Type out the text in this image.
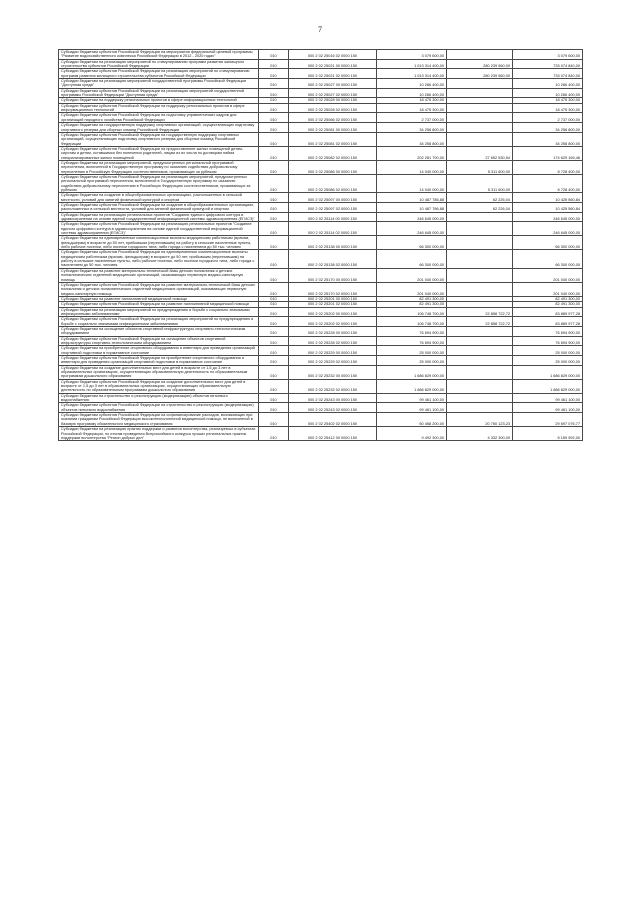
7
Субсидии бюджетам субъектов Российской Федерации на мероприятия федеральной целевой программы "Развитие водохозяйственного комплекса Российской Федерации в 2012 - 2020 годах"	010	000 2 02 25016 02 0000 150	3 079 600,00		3 079 600,00
Субсидии бюджетам на реализацию мероприятий по стимулированию программ развития жилищного строительства субъектов Российской Федерации	010	000 2 02 25021 00 0000 150	1 013 314 400,00	280 239 560,00	733 074 840,00
Субсидии бюджетам субъектов Российской Федерации на реализацию мероприятий по стимулированию программ развития жилищного строительства субъектов Российской Федерации	010	000 2 02 25021 02 0000 150	1 013 314 400,00	280 239 560,00	733 074 840,00
Субсидии бюджетам на реализацию мероприятий государственной программы Российской Федерации "Доступная среда"	010	000 2 02 25027 00 0000 150	10 266 400,00		10 266 400,00
Субсидии бюджетам субъектов Российской Федерации на реализацию мероприятий государственной программы Российской Федерации "Доступная среда"	010	000 2 02 25027 02 0000 150	10 266 400,00		10 266 400,00
Субсидии бюджетам на поддержку региональных проектов в сфере информационных технологий	010	000 2 02 25028 00 0000 150	18 475 300,00		18 475 300,00
Субсидии бюджетам субъектов Российской Федерации на поддержку региональных проектов в сфере информационных технологий	010	000 2 02 25028 02 0000 150	18 475 300,00		18 475 300,00
Субсидии бюджетам субъектов Российской Федерации на подготовку управленческих кадров для организаций народного хозяйства Российской Федерации	010	000 2 02 25066 02 0000 150	2 737 000,00		2 737 000,00
Субсидии бюджетам на государственную поддержку спортивных организаций, осуществляющих подготовку спортивного резерва для сборных команд Российской Федерации	010	000 2 02 25081 00 0000 150	34 258 800,00		34 258 800,00
Субсидии бюджетам субъектов Российской Федерации на государственную поддержку спортивных организаций, осуществляющих подготовку спортивного резерва для сборных команд Российской Федерации	010	000 2 02 25081 02 0000 150	34 258 800,00		34 258 800,00
Субсидии бюджетам субъектов Российской Федерации на предоставление жилых помещений детям-сиротам и детям, оставшимся без попечения родителей, лицам из их числа по договорам найма специализированных жилых помещений	010	000 2 02 25082 02 0000 150	202 281 700,00	27 652 530,54	174 629 169,46
Субсидии бюджетам на реализацию мероприятий, предусмотренных региональной программой переселения, включенной в Государственную программу по оказанию содействия добровольному переселению в Российскую Федерацию соотечественников, проживающих за рубежом	010	000 2 02 25086 00 0000 150	14 040 000,00	5 311 600,00	8 728 400,00
Субсидии бюджетам субъектов Российской Федерации на реализацию мероприятий, предусмотренных региональной программой переселения, включенной в Государственную программу по оказанию содействия добровольному переселению в Российскую Федерацию соотечественников, проживающих за рубежом	010	000 2 02 25086 02 0000 150	14 040 000,00	5 311 600,00	8 728 400,00
Субсидии бюджетам на создание в общеобразовательных организациях, расположенных в сельской местности, условий для занятий физической культурой и спортом	010	000 2 02 25097 00 0000 150	10 487 786,88	62 226,04	10 425 560,84
Субсидии бюджетам субъектов Российской Федерации на создание в общеобразовательных организациях, расположенных в сельской местности, условий для занятий физической культурой и спортом	010	000 2 02 25097 02 0000 150	10 487 786,88	62 226,04	10 425 560,84
Субсидии бюджетам на реализацию региональных проектов "Создание единого цифрового контура в здравоохранении на основе единой государственной информационной системы здравоохранения (ЕГИСЗ)"	010	000 2 02 25114 00 0000 150	246 645 000,00		246 645 000,00
Субсидии бюджетам субъектов Российской Федерации на реализацию региональных проектов "Создание единого цифрового контура в здравоохранении на основе единой государственной информационной системы здравоохранения (ЕГИСЗ)"	010	000 2 02 25114 02 0000 150	246 645 000,00		246 645 000,00
Субсидии бюджетам на единовременные компенсационные выплаты медицинским работникам (врачам, фельдшерам) в возрасте до 50 лет, прибывшим (переехавшим) на работу в сельские населенные пункты, либо рабочие поселки, либо поселки городского типа, либо города с населением до 50 тыс. человек	010	000 2 02 25138 00 0000 150	66 300 000,00		66 300 000,00
Субсидии бюджетам субъектов Российской Федерации на единовременные компенсационные выплаты медицинским работникам (врачам, фельдшерам) в возрасте до 50 лет, прибывшим (переехавшим) на работу в сельские населенные пункты, либо рабочие поселки, либо поселки городского типа, либо города с населением до 50 тыс. человек	010	000 2 02 25138 02 0000 150	66 300 000,00		66 300 000,00
Субсидии бюджетам на развитие материально-технической базы детских поликлиник и детских поликлинических отделений медицинских организаций, оказывающих первичную медико-санитарную помощь	010	000 2 02 25170 00 0000 150	201 040 000,00		201 040 000,00
Субсидии бюджетам субъектов Российской Федерации на развитие материально-технической базы детских поликлиник и детских поликлинических отделений медицинских организаций, оказывающих первичную медико-санитарную помощь	010	000 2 02 25170 02 0000 150	201 040 000,00		201 040 000,00
Субсидии бюджетам на развитие паллиативной медицинской помощи	010	000 2 02 25201 00 0000 150	82 491 300,00		82 491 300,00
Субсидии бюджетам субъектов Российской Федерации на развитие паллиативной медицинской помощи	010	000 2 02 25201 02 0000 150	82 491 300,00		82 491 300,00
Субсидии бюджетам на реализацию мероприятий по предупреждению и борьбе с социально значимыми инфекционными заболеваниями	010	000 2 02 25202 00 0000 150	106 748 700,00	22 858 722,72	83 889 977,28
Субсидии бюджетам субъектов Российской Федерации на реализацию мероприятий по предупреждению и борьбе с социально значимыми инфекционными заболеваниями	010	000 2 02 25202 02 0000 150	106 748 700,00	22 858 722,72	83 889 977,28
Субсидии бюджетам на оснащение объектов спортивной инфраструктуры спортивно-технологическим оборудованием	010	000 2 02 25228 00 0000 150	76 694 900,00		76 694 900,00
Субсидии бюджетам субъектов Российской Федерации на оснащение объектов спортивной инфраструктуры спортивно-технологическим оборудованием	010	000 2 02 25228 02 0000 150	76 694 900,00		76 694 900,00
Субсидии бюджетам на приобретение спортивного оборудования и инвентаря для приведения организаций спортивной подготовки в нормативное состояние	010	000 2 02 25229 00 0000 150	25 000 000,00		25 000 000,00
Субсидии бюджетам субъектов Российской Федерации на приобретение спортивного оборудования и инвентаря для приведения организаций спортивной подготовки в нормативное состояние	010	000 2 02 25229 02 0000 150	25 000 000,00		25 000 000,00
Субсидии бюджетам на создание дополнительных мест для детей в возрасте от 1,5 до 3 лет в образовательных организациях, осуществляющих образовательную деятельность по образовательным программам дошкольного образования	010	000 2 02 25232 00 0000 150	1 686 829 000,00		1 686 829 000,00
Субсидии бюджетам субъектов Российской Федерации на создание дополнительных мест для детей в возрасте от 1,5 до 3 лет в образовательных организациях, осуществляющих образовательную деятельность по образовательным программам дошкольного образования	010	000 2 02 25232 02 0000 150	1 686 829 000,00		1 686 829 000,00
Субсидии бюджетам на строительство и реконструкцию (модернизацию) объектов питьевого водоснабжения	010	000 2 02 25243 00 0000 150	99 461 100,00		99 461 100,00
Субсидии бюджетам субъектов Российской Федерации на строительство и реконструкцию (модернизацию) объектов питьевого водоснабжения	010	000 2 02 25243 02 0000 150	99 461 100,00		99 461 100,00
Субсидии бюджетам субъектов Российской Федерации на софинансирование расходов, возникающих при оказании гражданам Российской Федерации высокотехнологичной медицинской помощи, не включенной в базовую программу обязательного медицинского страхования	010	000 2 02 25402 02 0000 150	50 458 200,00	20 750 123,23	29 697 076,77
Субсидии бюджетам на реализацию практик поддержки и развития волонтерства, реализуемых в субъектах Российской Федерации, по итогам проведения Всероссийского конкурса лучших региональных практик поддержки волонтерства "Регион добрых дел"	010	000 2 02 25412 00 0000 150	9 492 300,00	4 332 300,00	5 159 992,00
